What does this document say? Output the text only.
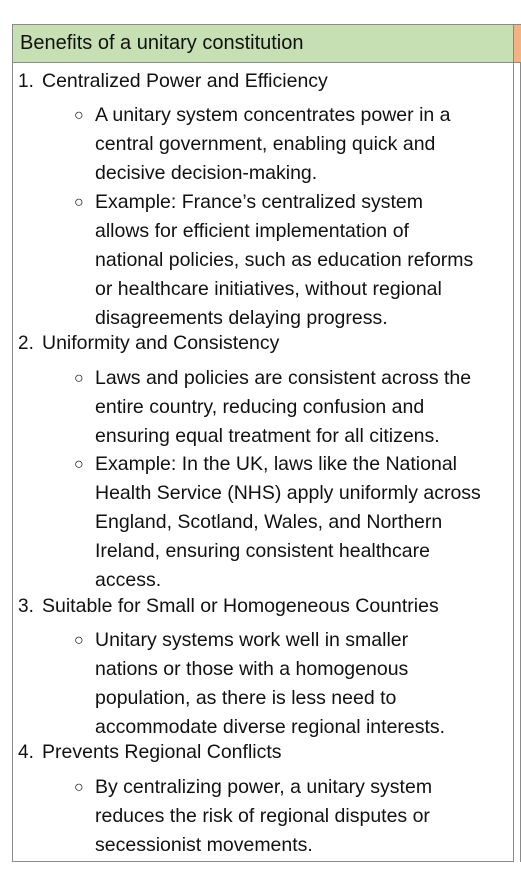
Benefits of a unitary constitution
1. Centralized Power and Efficiency
○ A unitary system concentrates power in a
central government, enabling quick and
decisive decision-making.
○ Example: France’s centralized system
allows for efficient implementation of
national policies, such as education reforms
or healthcare initiatives, without regional
disagreements delaying progress.
2. Uniformity and Consistency
○ Laws and policies are consistent across the
entire country, reducing confusion and
ensuring equal treatment for all citizens.
○ Example: In the UK, laws like the National
Health Service (NHS) apply uniformly across
England, Scotland, Wales, and Northern
Ireland, ensuring consistent healthcare
access.
3. Suitable for Small or Homogeneous Countries
○ Unitary systems work well in smaller
nations or those with a homogenous
population, as there is less need to
accommodate diverse regional interests.
4. Prevents Regional Conflicts
○ By centralizing power, a unitary system
reduces the risk of regional disputes or
secessionist movements.
